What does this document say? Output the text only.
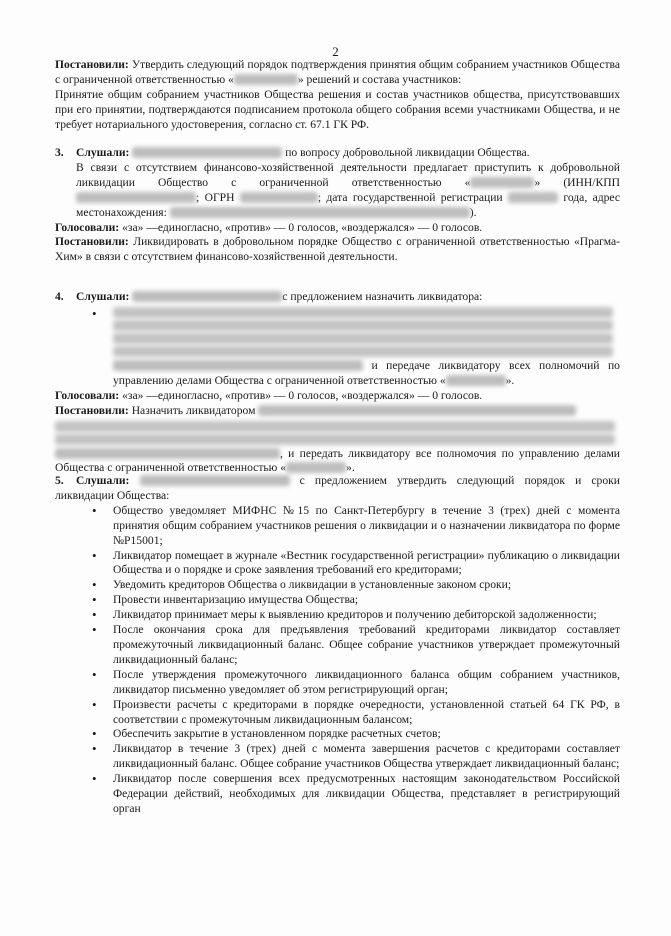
2
Постановили: Утвердить следующий порядок подтверждения принятия общим собранием участников Общества с ограниченной ответственностью «	» решений и состава участников:
Принятие общим собранием участников Общества решения и состав участников общества, присутствовавших при его принятии, подтверждаются подписанием протокола общего собрания всеми участниками Общества, и не требует нотариального удостоверения, согласно ст. 67.1 ГК РФ.
3. Слушали:	по вопросу добровольной ликвидации Общества.
В связи с отсутствием финансово-хозяйственной деятельности предлагает приступить к добровольной ликвидации Общество с ограниченной ответственностью «	» (ИНН/КПП ; ОГРН	; дата государственной регистрации	года, адрес местонахождения:	).
Голосовали: «за» —единогласно, «против» — 0 голосов, «воздержался» — 0 голосов.
Постановили: Ликвидировать в добровольном порядке Общество с ограниченной ответственностью «Прагма-Хим» в связи с отсутствием финансово-хозяйственной деятельности.
4. Слушали:	с предложением назначить ликвидатора:
• и передаче ликвидатору всех полномочий по управлению делами Общества с ограниченной ответственностью «	».
Голосовали: «за» —единогласно, «против» — 0 голосов, «воздержался» — 0 голосов.
Постановили: Назначить ликвидатором
, и передать ликвидатору все полномочия по управлению делами Общества с ограниченной ответственностью «	».
5. Слушали:	с предложением утвердить следующий порядок и сроки ликвидации Общества:
• Общество уведомляет МИФНС №15 по Санкт-Петербургу в течение 3 (трех) дней с момента принятия общим собранием участников решения о ликвидации и о назначении ликвидатора по форме №Р15001;
• Ликвидатор помещает в журнале «Вестник государственной регистрации» публикацию о ликвидации Общества и о порядке и сроке заявления требований его кредиторами;
• Уведомить кредиторов Общества о ликвидации в установленные законом сроки;
• Провести инвентаризацию имущества Общества;
• Ликвидатор принимает меры к выявлению кредиторов и получению дебиторской задолженности;
• После окончания срока для предъявления требований кредиторами ликвидатор составляет промежуточный ликвидационный баланс. Общее собрание участников утверждает промежуточный ликвидационный баланс;
• После утверждения промежуточного ликвидационного баланса общим собранием участников, ликвидатор письменно уведомляет об этом регистрирующий орган;
• Произвести расчеты с кредиторами в порядке очередности, установленной статьей 64 ГК РФ, в соответствии с промежуточным ликвидационным балансом;
• Обеспечить закрытие в установленном порядке расчетных счетов;
• Ликвидатор в течение 3 (трех) дней с момента завершения расчетов с кредиторами составляет ликвидационный баланс. Общее собрание участников Общества утверждает ликвидационный баланс;
• Ликвидатор после совершения всех предусмотренных настоящим законодательством Российской Федерации действий, необходимых для ликвидации Общества, представляет в регистрирующий орган
